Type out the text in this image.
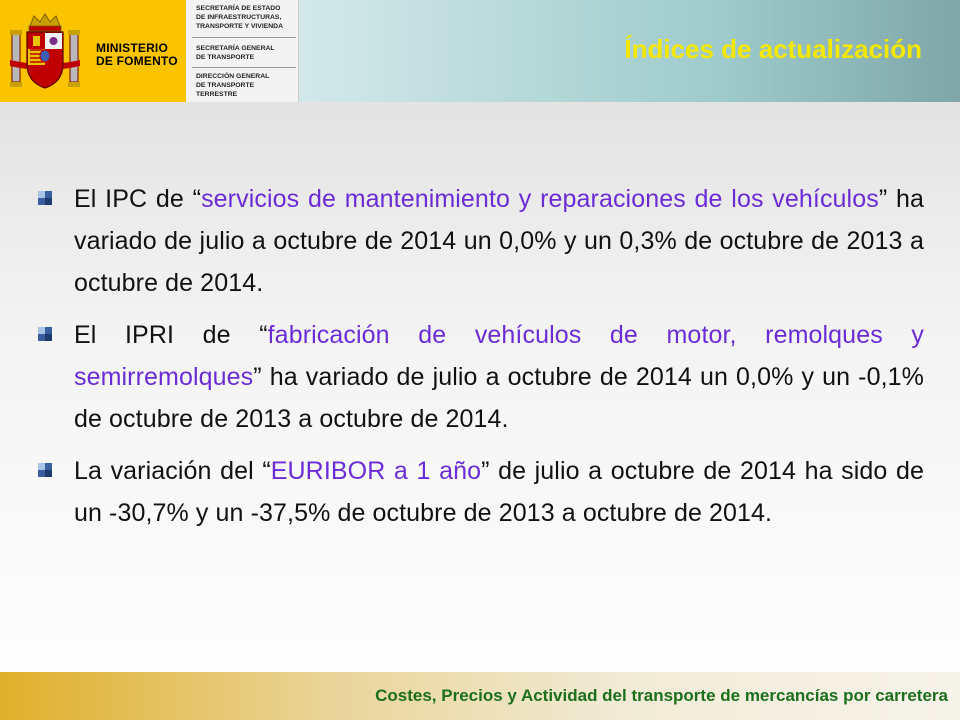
MINISTERIO
DE FOMENTO
SECRETARÍA DE ESTADO
DE INFRAESTRUCTURAS,
TRANSPORTE Y VIVIENDA
SECRETARÍA GENERAL
DE TRANSPORTE
DIRECCIÓN GENERAL
DE TRANSPORTE
TERRESTRE
Índices de actualización
El IPC de “servicios de mantenimiento y reparaciones de los vehículos” ha variado de julio a octubre de 2014 un 0,0% y un 0,3% de octubre de 2013 a octubre de 2014.
El IPRI de “fabricación de vehículos de motor, remolques y semirremolques” ha variado de julio a octubre de 2014 un 0,0% y un -0,1% de octubre de 2013 a octubre de 2014.
La variación del “EURIBOR a 1 año” de julio a octubre de 2014 ha sido de un -30,7% y un -37,5% de octubre de 2013 a octubre de 2014.
Costes, Precios y Actividad del transporte de mercancías por carretera
